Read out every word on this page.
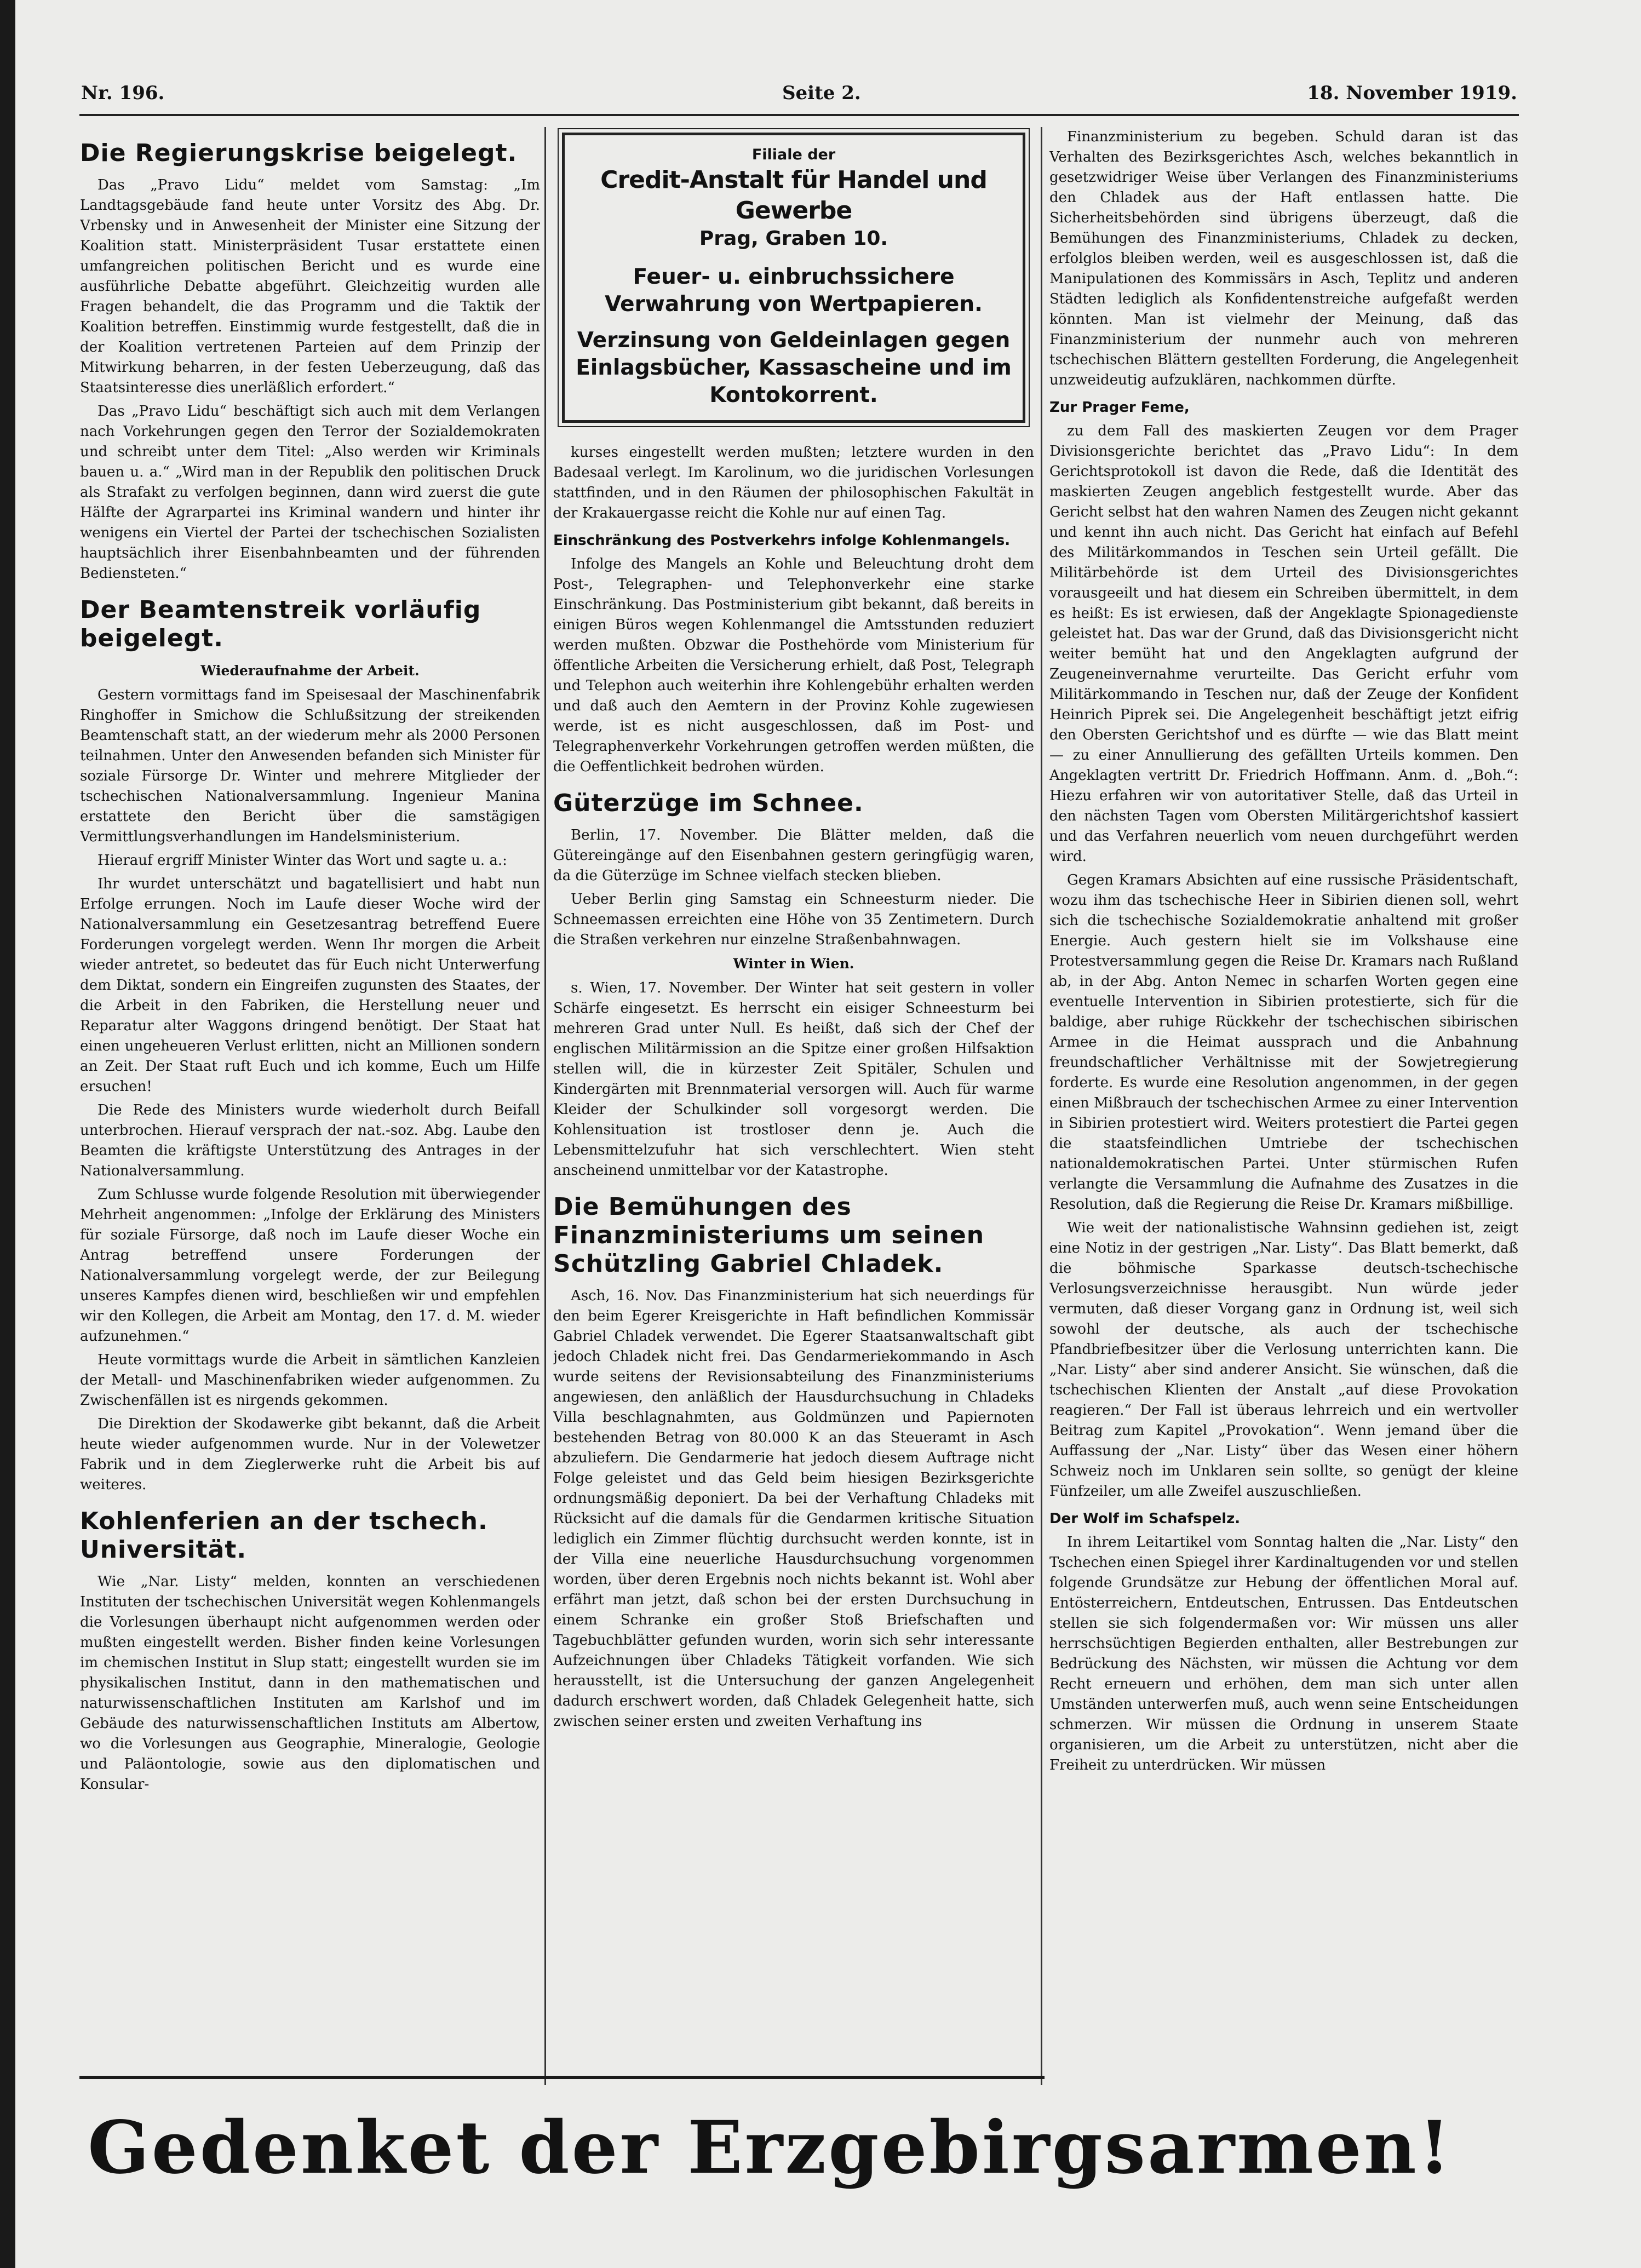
Nr. 196.	Seite 2.	18. November 1919.
Die Regierungskrise beigelegt.

Das „Pravo Lidu“ meldet vom Samstag: „Im Landtagsgebäude fand heute unter Vorsitz des Abg. Dr. Vrbensky und in Anwesenheit der Minister eine Sitzung der Koalition statt. Ministerpräsident Tusar erstattete einen umfangreichen politischen Bericht und es wurde eine ausführliche Debatte abgeführt. Gleichzeitig wurden alle Fragen behandelt, die das Programm und die Taktik der Koalition betreffen. Einstimmig wurde festgestellt, daß die in der Koalition vertretenen Parteien auf dem Prinzip der Mitwirkung beharren, in der festen Ueberzeugung, daß das Staatsinteresse dies unerläßlich erfordert.“

Das „Pravo Lidu“ beschäftigt sich auch mit dem Verlangen nach Vorkehrungen gegen den Terror der Sozialdemokraten und schreibt unter dem Titel: „Also werden wir Kriminals bauen u. a.“ „Wird man in der Republik den politischen Druck als Strafakt zu verfolgen beginnen, dann wird zuerst die gute Hälfte der Agrarpartei ins Kriminal wandern und hinter ihr wenigens ein Viertel der Partei der tschechischen Sozialisten hauptsächlich ihrer Eisenbahnbeamten und der führenden Bediensteten.“

Der Beamtenstreik vorläufig beigelegt.
Wiederaufnahme der Arbeit.

Gestern vormittags fand im Speisesaal der Maschinenfabrik Ringhoffer in Smichow die Schlußsitzung der streikenden Beamtenschaft statt, an der wiederum mehr als 2000 Personen teilnahmen. Unter den Anwesenden befanden sich Minister für soziale Fürsorge Dr. Winter und mehrere Mitglieder der tschechischen Nationalversammlung. Ingenieur Manina erstattete den Bericht über die samstägigen Vermittlungsverhandlungen im Handelsministerium.

Hierauf ergriff Minister Winter das Wort und sagte u. a.:

Ihr wurdet unterschätzt und bagatellisiert und habt nun Erfolge errungen. Noch im Laufe dieser Woche wird der Nationalversammlung ein Gesetzesantrag betreffend Euere Forderungen vorgelegt werden. Wenn Ihr morgen die Arbeit wieder antretet, so bedeutet das für Euch nicht Unterwerfung dem Diktat, sondern ein Eingreifen zugunsten des Staates, der die Arbeit in den Fabriken, die Herstellung neuer und Reparatur alter Waggons dringend benötigt. Der Staat hat einen ungeheueren Verlust erlitten, nicht an Millionen sondern an Zeit. Der Staat ruft Euch und ich komme, Euch um Hilfe ersuchen!

Die Rede des Ministers wurde wiederholt durch Beifall unterbrochen. Hierauf versprach der nat.-soz. Abg. Laube den Beamten die kräftigste Unterstützung des Antrages in der Nationalversammlung.

Zum Schlusse wurde folgende Resolution mit überwiegender Mehrheit angenommen: „Infolge der Erklärung des Ministers für soziale Fürsorge, daß noch im Laufe dieser Woche ein Antrag betreffend unsere Forderungen der Nationalversammlung vorgelegt werde, der zur Beilegung unseres Kampfes dienen wird, beschließen wir und empfehlen wir den Kollegen, die Arbeit am Montag, den 17. d. M. wieder aufzunehmen.“

Heute vormittags wurde die Arbeit in sämtlichen Kanzleien der Metall- und Maschinenfabriken wieder aufgenommen. Zu Zwischenfällen ist es nirgends gekommen.

Die Direktion der Skodawerke gibt bekannt, daß die Arbeit heute wieder aufgenommen wurde. Nur in der Volewetzer Fabrik und in dem Zieglerwerke ruht die Arbeit bis auf weiteres.

Kohlenferien an der tschech. Universität.

Wie „Nar. Listy“ melden, konnten an verschiedenen Instituten der tschechischen Universität wegen Kohlenmangels die Vorlesungen überhaupt nicht aufgenommen werden oder mußten eingestellt werden. Bisher finden keine Vorlesungen im chemischen Institut in Slup statt; eingestellt wurden sie im physikalischen Institut, dann in den mathematischen und naturwissenschaftlichen Instituten am Karlshof und im Gebäude des naturwissenschaftlichen Instituts am Albertow, wo die Vorlesungen aus Geographie, Mineralogie, Geologie und Paläontologie, sowie aus den diplomatischen und Konsular-

Filiale der
Credit-Anstalt für Handel und Gewerbe
Prag, Graben 10.
Feuer- u. einbruchssichere Verwahrung von Wertpapieren.
Verzinsung von Geldeinlagen gegen Einlagsbücher, Kassascheine und im Kontokorrent.

kurses eingestellt werden mußten; letztere wurden in den Badesaal verlegt. Im Karolinum, wo die juridischen Vorlesungen stattfinden, und in den Räumen der philosophischen Fakultät in der Krakauergasse reicht die Kohle nur auf einen Tag.

Einschränkung des Postverkehrs infolge Kohlenmangels.

Infolge des Mangels an Kohle und Beleuchtung droht dem Post-, Telegraphen- und Telephonverkehr eine starke Einschränkung. Das Postministerium gibt bekannt, daß bereits in einigen Büros wegen Kohlenmangel die Amtsstunden reduziert werden mußten. Obzwar die Posthehörde vom Ministerium für öffentliche Arbeiten die Versicherung erhielt, daß Post, Telegraph und Telephon auch weiterhin ihre Kohlengebühr erhalten werden und daß auch den Aemtern in der Provinz Kohle zugewiesen werde, ist es nicht ausgeschlossen, daß im Post- und Telegraphenverkehr Vorkehrungen getroffen werden müßten, die die Oeffentlichkeit bedrohen würden.

Güterzüge im Schnee.

Berlin, 17. November. Die Blätter melden, daß die Gütereingänge auf den Eisenbahnen gestern geringfügig waren, da die Güterzüge im Schnee vielfach stecken blieben.

Ueber Berlin ging Samstag ein Schneesturm nieder. Die Schneemassen erreichten eine Höhe von 35 Zentimetern. Durch die Straßen verkehren nur einzelne Straßenbahnwagen.

Winter in Wien.

s. Wien, 17. November. Der Winter hat seit gestern in voller Schärfe eingesetzt. Es herrscht ein eisiger Schneesturm bei mehreren Grad unter Null. Es heißt, daß sich der Chef der englischen Militärmission an die Spitze einer großen Hilfsaktion stellen will, die in kürzester Zeit Spitäler, Schulen und Kindergärten mit Brennmaterial versorgen will. Auch für warme Kleider der Schulkinder soll vorgesorgt werden. Die Kohlensituation ist trostloser denn je. Auch die Lebensmittelzufuhr hat sich verschlechtert. Wien steht anscheinend unmittelbar vor der Katastrophe.

Die Bemühungen des Finanzministeriums um seinen Schützling Gabriel Chladek.

Asch, 16. Nov. Das Finanzministerium hat sich neuerdings für den beim Egerer Kreisgerichte in Haft befindlichen Kommissär Gabriel Chladek verwendet. Die Egerer Staatsanwaltschaft gibt jedoch Chladek nicht frei. Das Gendarmeriekommando in Asch wurde seitens der Revisionsabteilung des Finanzministeriums angewiesen, den anläßlich der Hausdurchsuchung in Chladeks Villa beschlagnahmten, aus Goldmünzen und Papiernoten bestehenden Betrag von 80.000 K an das Steueramt in Asch abzuliefern. Die Gendarmerie hat jedoch diesem Auftrage nicht Folge geleistet und das Geld beim hiesigen Bezirksgerichte ordnungsmäßig deponiert. Da bei der Verhaftung Chladeks mit Rücksicht auf die damals für die Gendarmen kritische Situation lediglich ein Zimmer flüchtig durchsucht werden konnte, ist in der Villa eine neuerliche Hausdurchsuchung vorgenommen worden, über deren Ergebnis noch nichts bekannt ist. Wohl aber erfährt man jetzt, daß schon bei der ersten Durchsuchung in einem Schranke ein großer Stoß Briefschaften und Tagebuchblätter gefunden wurden, worin sich sehr interessante Aufzeichnungen über Chladeks Tätigkeit vorfanden. Wie sich herausstellt, ist die Untersuchung der ganzen Angelegenheit dadurch erschwert worden, daß Chladek Gelegenheit hatte, sich zwischen seiner ersten und zweiten Verhaftung ins

Finanzministerium zu begeben. Schuld daran ist das Verhalten des Bezirksgerichtes Asch, welches bekanntlich in gesetzwidriger Weise über Verlangen des Finanzministeriums den Chladek aus der Haft entlassen hatte. Die Sicherheitsbehörden sind übrigens überzeugt, daß die Bemühungen des Finanzministeriums, Chladek zu decken, erfolglos bleiben werden, weil es ausgeschlossen ist, daß die Manipulationen des Kommissärs in Asch, Teplitz und anderen Städten lediglich als Konfidentenstreiche aufgefaßt werden könnten. Man ist vielmehr der Meinung, daß das Finanzministerium der nunmehr auch von mehreren tschechischen Blättern gestellten Forderung, die Angelegenheit unzweideutig aufzuklären, nachkommen dürfte.

Zur Prager Feme,

zu dem Fall des maskierten Zeugen vor dem Prager Divisionsgerichte berichtet das „Pravo Lidu“: In dem Gerichtsprotokoll ist davon die Rede, daß die Identität des maskierten Zeugen angeblich festgestellt wurde. Aber das Gericht selbst hat den wahren Namen des Zeugen nicht gekannt und kennt ihn auch nicht. Das Gericht hat einfach auf Befehl des Militärkommandos in Teschen sein Urteil gefällt. Die Militärbehörde ist dem Urteil des Divisionsgerichtes vorausgeeilt und hat diesem ein Schreiben übermittelt, in dem es heißt: Es ist erwiesen, daß der Angeklagte Spionagedienste geleistet hat. Das war der Grund, daß das Divisionsgericht nicht weiter bemüht hat und den Angeklagten aufgrund der Zeugeneinvernahme verurteilte. Das Gericht erfuhr vom Militärkommando in Teschen nur, daß der Zeuge der Konfident Heinrich Piprek sei. Die Angelegenheit beschäftigt jetzt eifrig den Obersten Gerichtshof und es dürfte — wie das Blatt meint — zu einer Annullierung des gefällten Urteils kommen. Den Angeklagten vertritt Dr. Friedrich Hoffmann. Anm. d. „Boh.“: Hiezu erfahren wir von autoritativer Stelle, daß das Urteil in den nächsten Tagen vom Obersten Militärgerichtshof kassiert und das Verfahren neuerlich vom neuen durchgeführt werden wird.

Gegen Kramars Absichten auf eine russische Präsidentschaft, wozu ihm das tschechische Heer in Sibirien dienen soll, wehrt sich die tschechische Sozialdemokratie anhaltend mit großer Energie. Auch gestern hielt sie im Volkshause eine Protestversammlung gegen die Reise Dr. Kramars nach Rußland ab, in der Abg. Anton Nemec in scharfen Worten gegen eine eventuelle Intervention in Sibirien protestierte, sich für die baldige, aber ruhige Rückkehr der tschechischen sibirischen Armee in die Heimat aussprach und die Anbahnung freundschaftlicher Verhältnisse mit der Sowjetregierung forderte. Es wurde eine Resolution angenommen, in der gegen einen Mißbrauch der tschechischen Armee zu einer Intervention in Sibirien protestiert wird. Weiters protestiert die Partei gegen die staatsfeindlichen Umtriebe der tschechischen nationaldemokratischen Partei. Unter stürmischen Rufen verlangte die Versammlung die Aufnahme des Zusatzes in die Resolution, daß die Regierung die Reise Dr. Kramars mißbillige.

Wie weit der nationalistische Wahnsinn gediehen ist, zeigt eine Notiz in der gestrigen „Nar. Listy“. Das Blatt bemerkt, daß die böhmische Sparkasse deutsch-tschechische Verlosungsverzeichnisse herausgibt. Nun würde jeder vermuten, daß dieser Vorgang ganz in Ordnung ist, weil sich sowohl der deutsche, als auch der tschechische Pfandbriefbesitzer über die Verlosung unterrichten kann. Die „Nar. Listy“ aber sind anderer Ansicht. Sie wünschen, daß die tschechischen Klienten der Anstalt „auf diese Provokation reagieren.“ Der Fall ist überaus lehrreich und ein wertvoller Beitrag zum Kapitel „Provokation“. Wenn jemand über die Auffassung der „Nar. Listy“ über das Wesen einer höhern Schweiz noch im Unklaren sein sollte, so genügt der kleine Fünfzeiler, um alle Zweifel auszuschließen.

Der Wolf im Schafspelz.

In ihrem Leitartikel vom Sonntag halten die „Nar. Listy“ den Tschechen einen Spiegel ihrer Kardinaltugenden vor und stellen folgende Grundsätze zur Hebung der öffentlichen Moral auf. Entösterreichern, Entdeutschen, Entrussen. Das Entdeutschen stellen sie sich folgendermaßen vor: Wir müssen uns aller herrschsüchtigen Begierden enthalten, aller Bestrebungen zur Bedrückung des Nächsten, wir müssen die Achtung vor dem Recht erneuern und erhöhen, dem man sich unter allen Umständen unterwerfen muß, auch wenn seine Entscheidungen schmerzen. Wir müssen die Ordnung in unserem Staate organisieren, um die Arbeit zu unterstützen, nicht aber die Freiheit zu unterdrücken. Wir müssen

Gedenket der Erzgebirgsarmen!
